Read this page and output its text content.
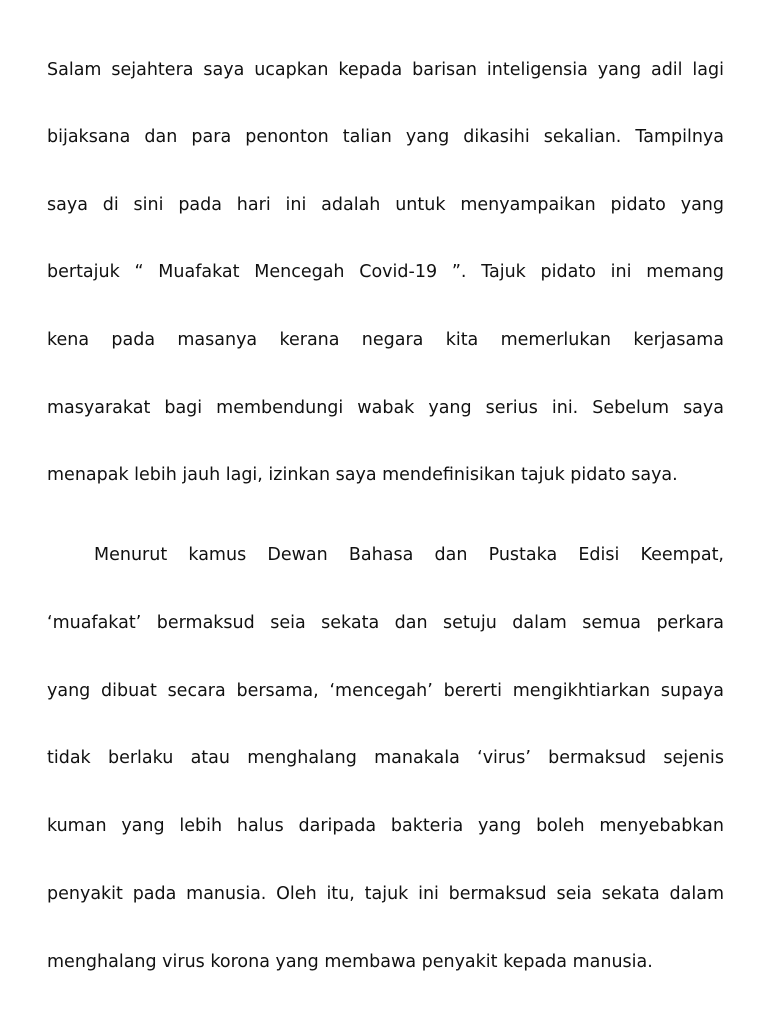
Salam sejahtera saya ucapkan kepada barisan inteligensia yang adil lagi
bijaksana dan para penonton talian yang dikasihi sekalian. Tampilnya
saya di sini pada hari ini adalah untuk menyampaikan pidato yang
bertajuk “ Muafakat Mencegah Covid-19 ”. Tajuk pidato ini memang
kena pada masanya kerana negara kita memerlukan kerjasama
masyarakat bagi membendungi wabak yang serius ini. Sebelum saya
menapak lebih jauh lagi, izinkan saya mendefinisikan tajuk pidato saya.
Menurut kamus Dewan Bahasa dan Pustaka Edisi Keempat,
‘muafakat’ bermaksud seia sekata dan setuju dalam semua perkara
yang dibuat secara bersama, ‘mencegah’ bererti mengikhtiarkan supaya
tidak berlaku atau menghalang manakala ‘virus’ bermaksud sejenis
kuman yang lebih halus daripada bakteria yang boleh menyebabkan
penyakit pada manusia. Oleh itu, tajuk ini bermaksud seia sekata dalam
menghalang virus korona yang membawa penyakit kepada manusia.
